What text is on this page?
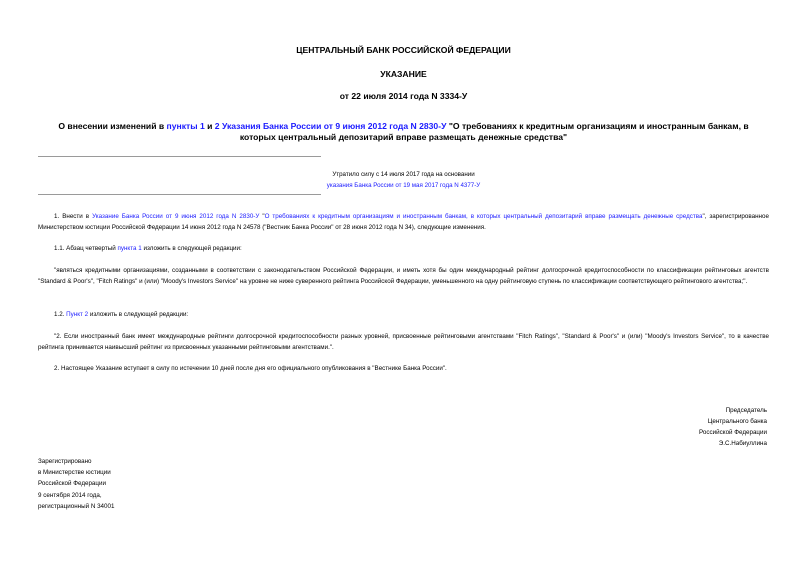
ЦЕНТРАЛЬНЫЙ БАНК РОССИЙСКОЙ ФЕДЕРАЦИИ
УКАЗАНИЕ
от 22 июля 2014 года N 3334-У
О внесении изменений в пункты 1 и 2 Указания Банка России от 9 июня 2012 года N 2830-У "О требованиях к кредитным организациям и иностранным банкам, в которых центральный депозитарий вправе размещать денежные средства"
Утратило силу с 14 июля 2017 года на основании
указания Банка России от 19 мая 2017 года N 4377-У
1. Внести в Указание Банка России от 9 июня 2012 года N 2830-У "О требованиях к кредитным организациям и иностранным банкам, в которых центральный депозитарий вправе размещать денежные средства", зарегистрированное Министерством юстиции Российской Федерации 14 июня 2012 года N 24578 ("Вестник Банка России" от 28 июня 2012 года N 34), следующие изменения.
1.1. Абзац четвертый пункта 1 изложить в следующей редакции:
"являться кредитными организациями, созданными в соответствии с законодательством Российской Федерации, и иметь хотя бы один международный рейтинг долгосрочной кредитоспособности по классификации рейтинговых агентств "Standard & Poor's", "Fitch Ratings" и (или) "Moody's Investors Service" на уровне не ниже суверенного рейтинга Российской Федерации, уменьшенного на одну рейтинговую ступень по классификации соответствующего рейтингового агентства;".
1.2. Пункт 2 изложить в следующей редакции:
"2. Если иностранный банк имеет международные рейтинги долгосрочной кредитоспособности разных уровней, присвоенные рейтинговыми агентствами "Fitch Ratings", "Standard & Poor's" и (или) "Moody's Investors Service", то в качестве рейтинга принимается наивысший рейтинг из присвоенных указанными рейтинговыми агентствами.".
2. Настоящее Указание вступает в силу по истечении 10 дней после дня его официального опубликования в "Вестнике Банка России".
Председатель
Центрального банка
Российской Федерации
Э.С.Набиуллина
Зарегистрировано
в Министерстве юстиции
Российской Федерации
9 сентября 2014 года,
регистрационный N 34001
